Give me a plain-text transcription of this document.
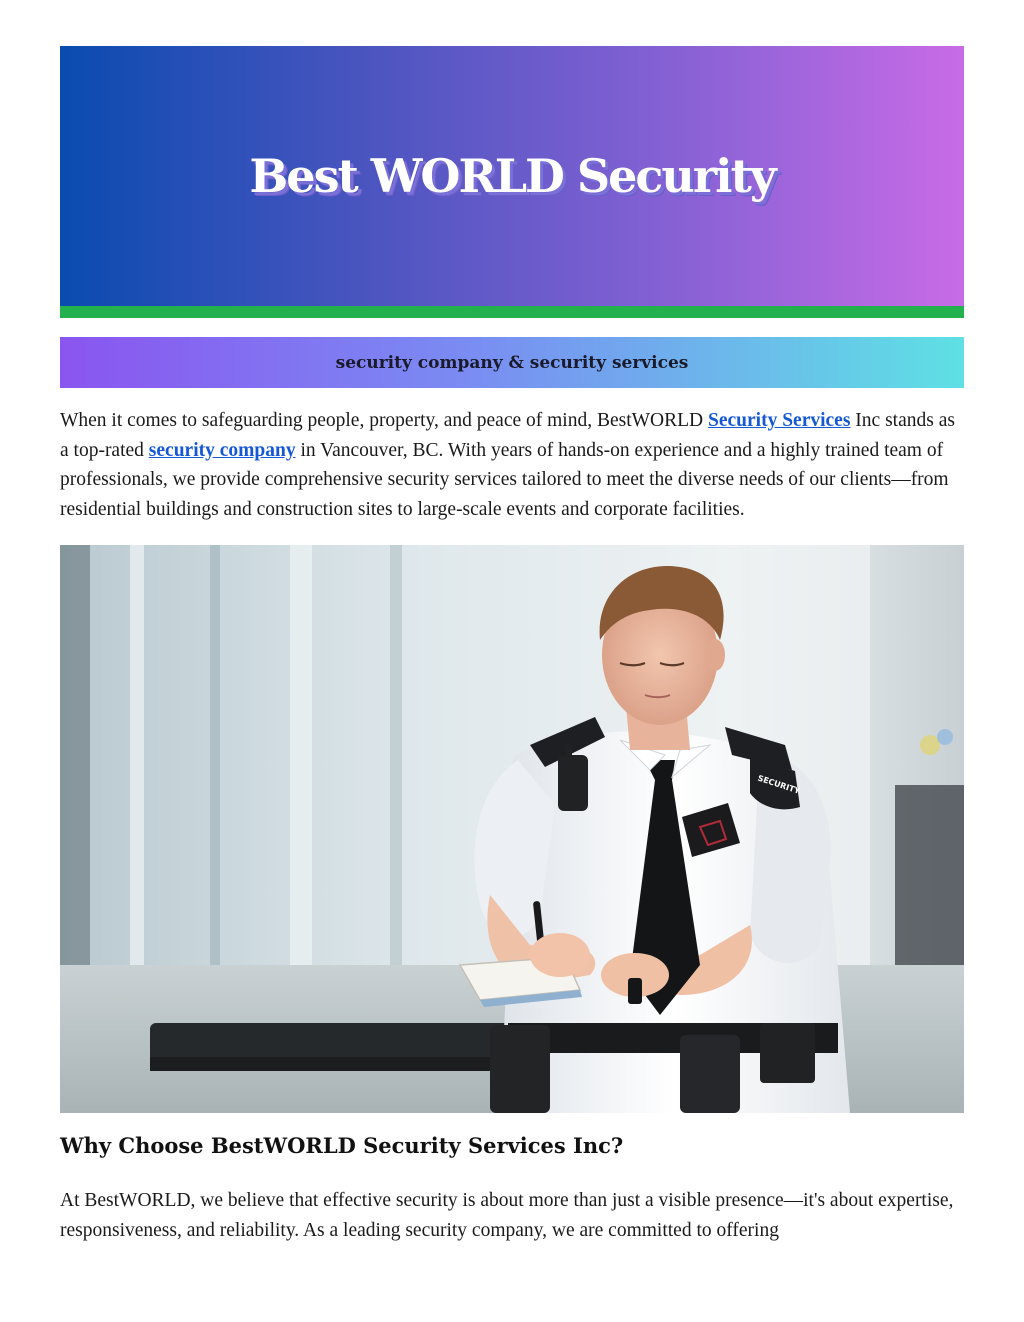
Best WORLD Security
security company & security services

When it comes to safeguarding people, property, and peace of mind, BestWORLD Security Services Inc stands as a top-rated security company in Vancouver, BC. With years of hands-on experience and a highly trained team of professionals, we provide comprehensive security services tailored to meet the diverse needs of our clients—from residential buildings and construction sites to large-scale events and corporate facilities.

SECURITY
Why Choose BestWORLD Security Services Inc?

At BestWORLD, we believe that effective security is about more than just a visible presence—it's about expertise, responsiveness, and reliability. As a leading security company, we are committed to offering
